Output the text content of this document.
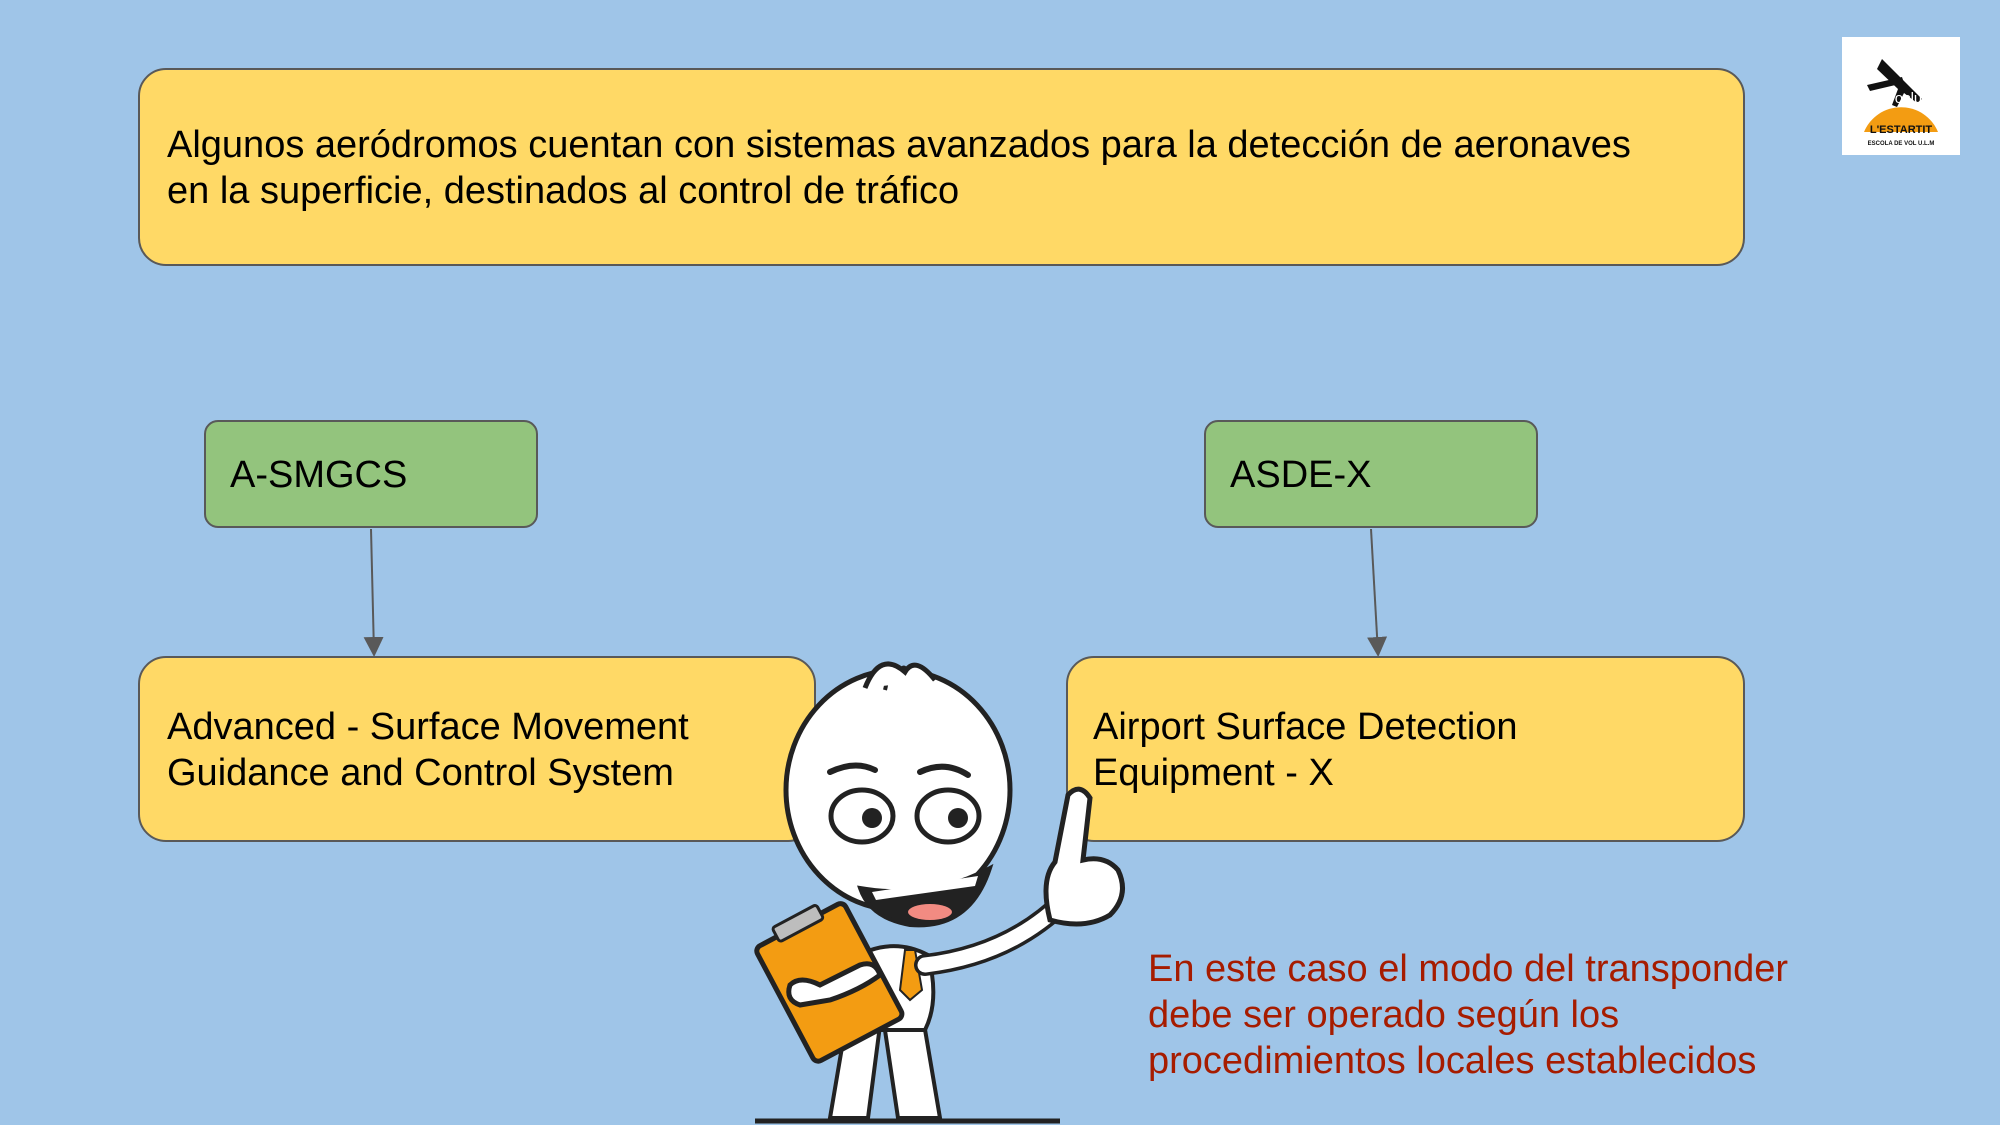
Algunos aeródromos cuentan con sistemas avanzados para la detección de aeronaves
en la superficie, destinados al control de tráfico
A-SMGCS	ASDE-X
Advanced - Surface Movement
Guidance and Control System
Airport Surface Detection
Equipment - X
En este caso el modo del transponder
debe ser operado según los
procedimientos locales establecidos
Aeroclub
L'ESTARTIT
ESCOLA DE VOL U.L.M
